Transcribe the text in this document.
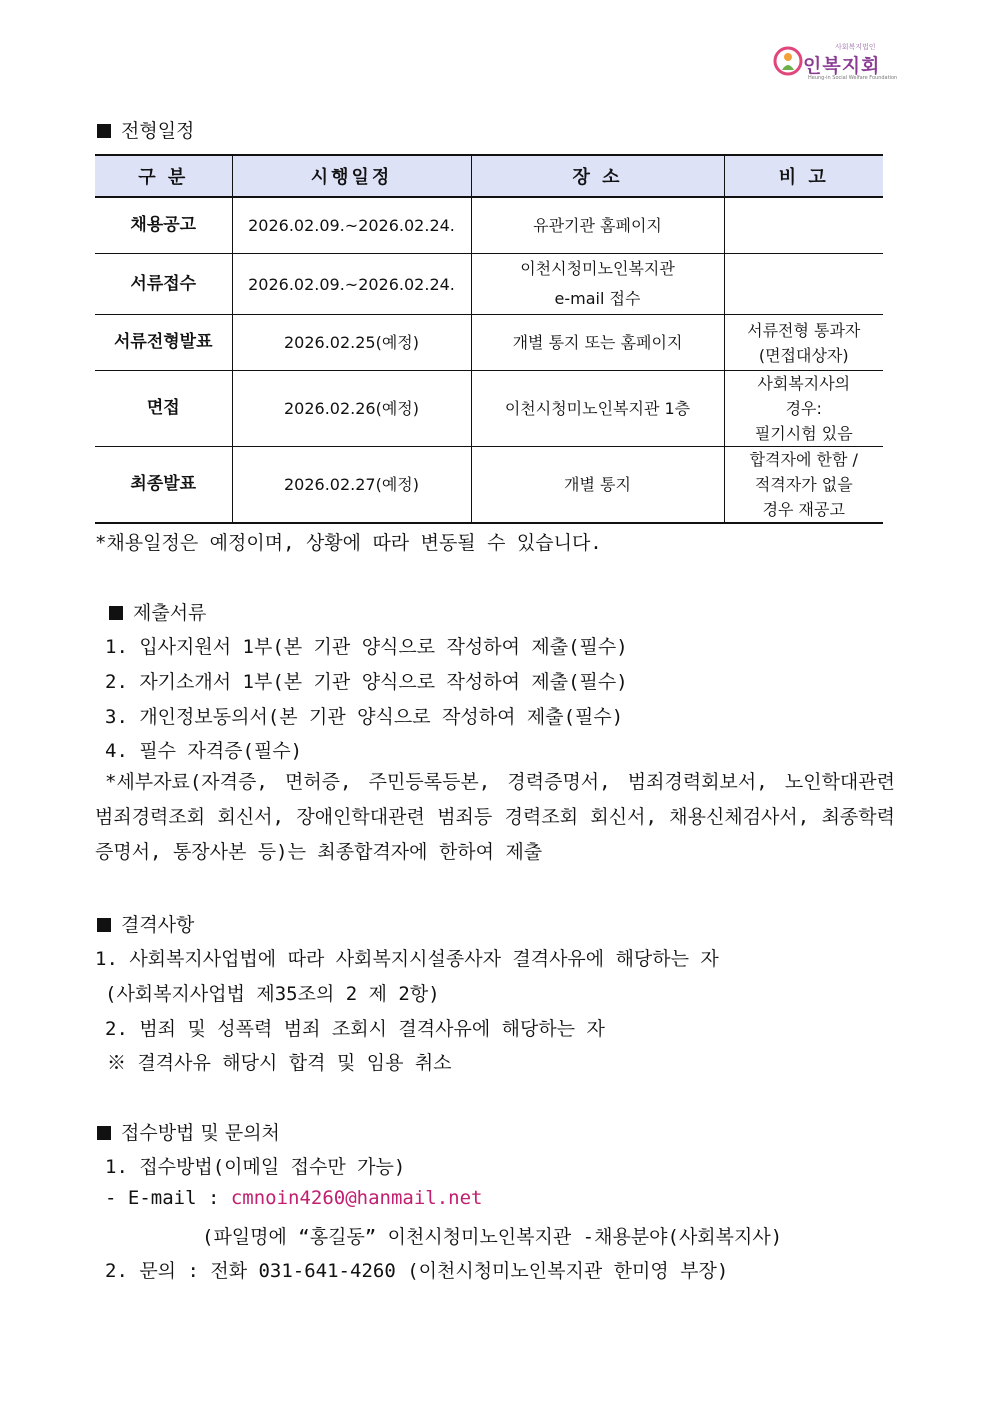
사회복지법인
인복지회
Heung-in Social Welfare Foundation
전형일정
구 분	시행일정	장 소	비 고
채용공고	2026.02.09.~2026.02.24.	유관기관 홈페이지	
서류접수	2026.02.09.~2026.02.24.	이천시청미노인복지관
e-mail 접수	
서류전형발표	2026.02.25(예정)	개별 통지 또는 홈페이지	서류전형 통과자
(면접대상자)
면접	2026.02.26(예정)	이천시청미노인복지관 1층	사회복지사의
경우:
필기시험 있음
최종발표	2026.02.27(예정)	개별 통지	합격자에 한함 /
적격자가 없을
경우 재공고
*채용일정은 예정이며, 상황에 따라 변동될 수 있습니다.
제출서류
1. 입사지원서 1부(본 기관 양식으로 작성하여 제출(필수)
2. 자기소개서 1부(본 기관 양식으로 작성하여 제출(필수)
3. 개인정보동의서(본 기관 양식으로 작성하여 제출(필수)
4. 필수 자격증(필수)
*세부자료(자격증, 면허증, 주민등록등본, 경력증명서, 범죄경력회보서, 노인학대관련 범죄경력조회 회신서, 장애인학대관련 범죄등 경력조회 회신서, 채용신체검사서, 최종학력증명서, 통장사본 등)는 최종합격자에 한하여 제출
결격사항
1. 사회복지사업법에 따라 사회복지시설종사자 결격사유에 해당하는 자
(사회복지사업법 제35조의 2 제 2항)
2. 범죄 및 성폭력 범죄 조회시 결격사유에 해당하는 자
※ 결격사유 해당시 합격 및 임용 취소
접수방법 및 문의처
1. 접수방법(이메일 접수만 가능)
- E-mail : cmnoin4260@hanmail.net
(파일명에 “홍길동” 이천시청미노인복지관 -채용분야(사회복지사)
2. 문의 : 전화 031-641-4260 (이천시청미노인복지관 한미영 부장)
